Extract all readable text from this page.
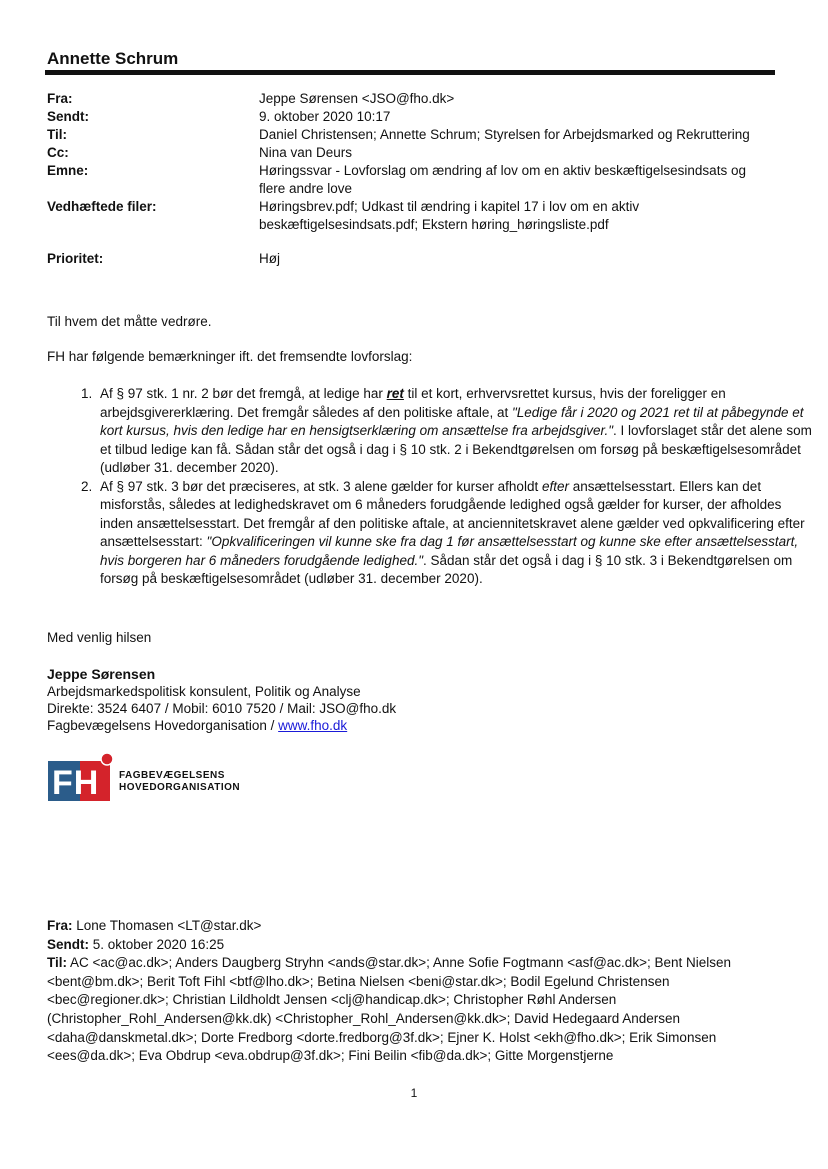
Annette Schrum
Fra:	Jeppe Sørensen <JSO@fho.dk>
Sendt:	9. oktober 2020 10:17
Til:	Daniel Christensen; Annette Schrum; Styrelsen for Arbejdsmarked og Rekruttering
Cc:	Nina van Deurs
Emne:	Høringssvar - Lovforslag om ændring af lov om en aktiv beskæftigelsesindsats og flere andre love
Vedhæftede filer:	Høringsbrev.pdf; Udkast til ændring i kapitel 17 i lov om en aktiv beskæftigelsesindsats.pdf; Ekstern høring_høringsliste.pdf
Prioritet:	Høj
Til hvem det måtte vedrøre.
FH har følgende bemærkninger ift. det fremsendte lovforslag:
1. Af § 97 stk. 1 nr. 2 bør det fremgå, at ledige har ret til et kort, erhvervsrettet kursus, hvis der foreligger en arbejdsgivererklæring. Det fremgår således af den politiske aftale, at "Ledige får i 2020 og 2021 ret til at påbegynde et kort kursus, hvis den ledige har en hensigtserklæring om ansættelse fra arbejdsgiver.". I lovforslaget står det alene som et tilbud ledige kan få. Sådan står det også i dag i § 10 stk. 2 i Bekendtgørelsen om forsøg på beskæftigelsesområdet (udløber 31. december 2020).
2. Af § 97 stk. 3 bør det præciseres, at stk. 3 alene gælder for kurser afholdt efter ansættelsesstart. Ellers kan det misforstås, således at ledighedskravet om 6 måneders forudgående ledighed også gælder for kurser, der afholdes inden ansættelsesstart. Det fremgår af den politiske aftale, at anciennitetskravet alene gælder ved opkvalificering efter ansættelsesstart: "Opkvalificeringen vil kunne ske fra dag 1 før ansættelsesstart og kunne ske efter ansættelsesstart, hvis borgeren har 6 måneders forudgående ledighed.". Sådan står det også i dag i § 10 stk. 3 i Bekendtgørelsen om forsøg på beskæftigelsesområdet (udløber 31. december 2020).
Med venlig hilsen
Jeppe Sørensen
Arbejdsmarkedspolitisk konsulent, Politik og Analyse
Direkte: 3524 6407 / Mobil: 6010 7520 / Mail: JSO@fho.dk
Fagbevægelsens Hovedorganisation / www.fho.dk
FH FAGBEVÆGELSENS
HOVEDORGANISATION
Fra: Lone Thomasen <LT@star.dk>
Sendt: 5. oktober 2020 16:25
Til: AC <ac@ac.dk>; Anders Daugberg Stryhn <ands@star.dk>; Anne Sofie Fogtmann <asf@ac.dk>; Bent Nielsen <bent@bm.dk>; Berit Toft Fihl <btf@lho.dk>; Betina Nielsen <beni@star.dk>; Bodil Egelund Christensen <bec@regioner.dk>; Christian Lildholdt Jensen <clj@handicap.dk>; Christopher Røhl Andersen (Christopher_Rohl_Andersen@kk.dk) <Christopher_Rohl_Andersen@kk.dk>; David Hedegaard Andersen <daha@danskmetal.dk>; Dorte Fredborg <dorte.fredborg@3f.dk>; Ejner K. Holst <ekh@fho.dk>; Erik Simonsen <ees@da.dk>; Eva Obdrup <eva.obdrup@3f.dk>; Fini Beilin <fib@da.dk>; Gitte Morgenstjerne
1
